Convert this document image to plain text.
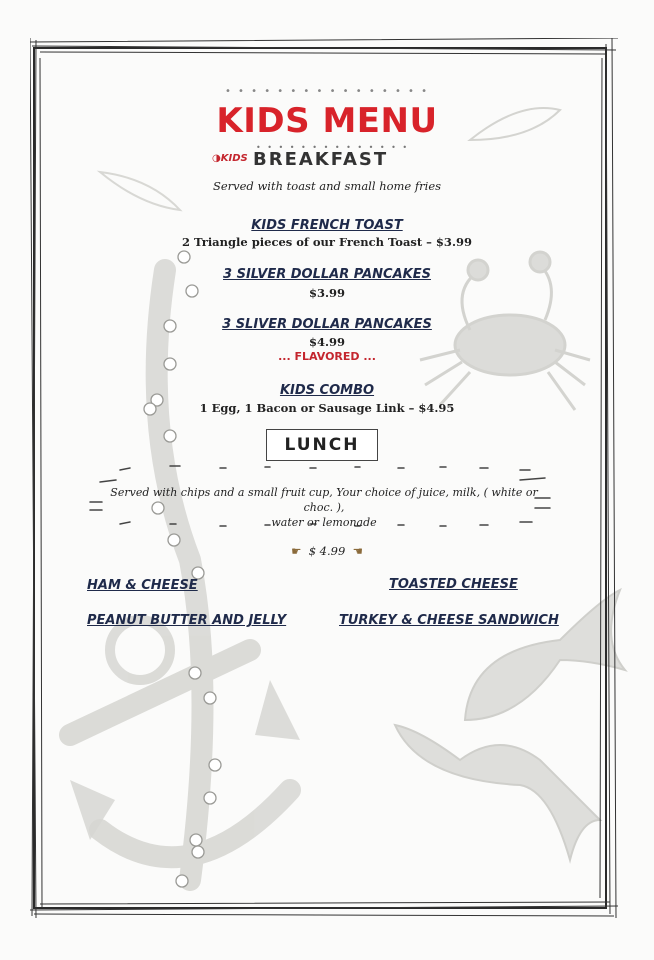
• • • • • • • • • • • • • • • •
KIDS MENU
• • • • • • • • • • • • • •
◑KIDS BREAKFAST
Served with toast and small home fries
KIDS FRENCH TOAST
2 Triangle pieces of our French Toast – $3.99
3 SILVER DOLLAR PANCAKES
$3.99
3 SLIVER DOLLAR PANCAKES
$4.99
... FLAVORED ...
KIDS COMBO
1 Egg, 1 Bacon or Sausage Link – $4.95
LUNCH
Served with chips and a small fruit cup, Your choice of juice, milk, ( white or choc. ),
water or lemonade
☛ $ 4.99 ☚
HAM & CHEESE	TOASTED CHEESE
PEANUT BUTTER AND JELLY	TURKEY & CHEESE SANDWICH
